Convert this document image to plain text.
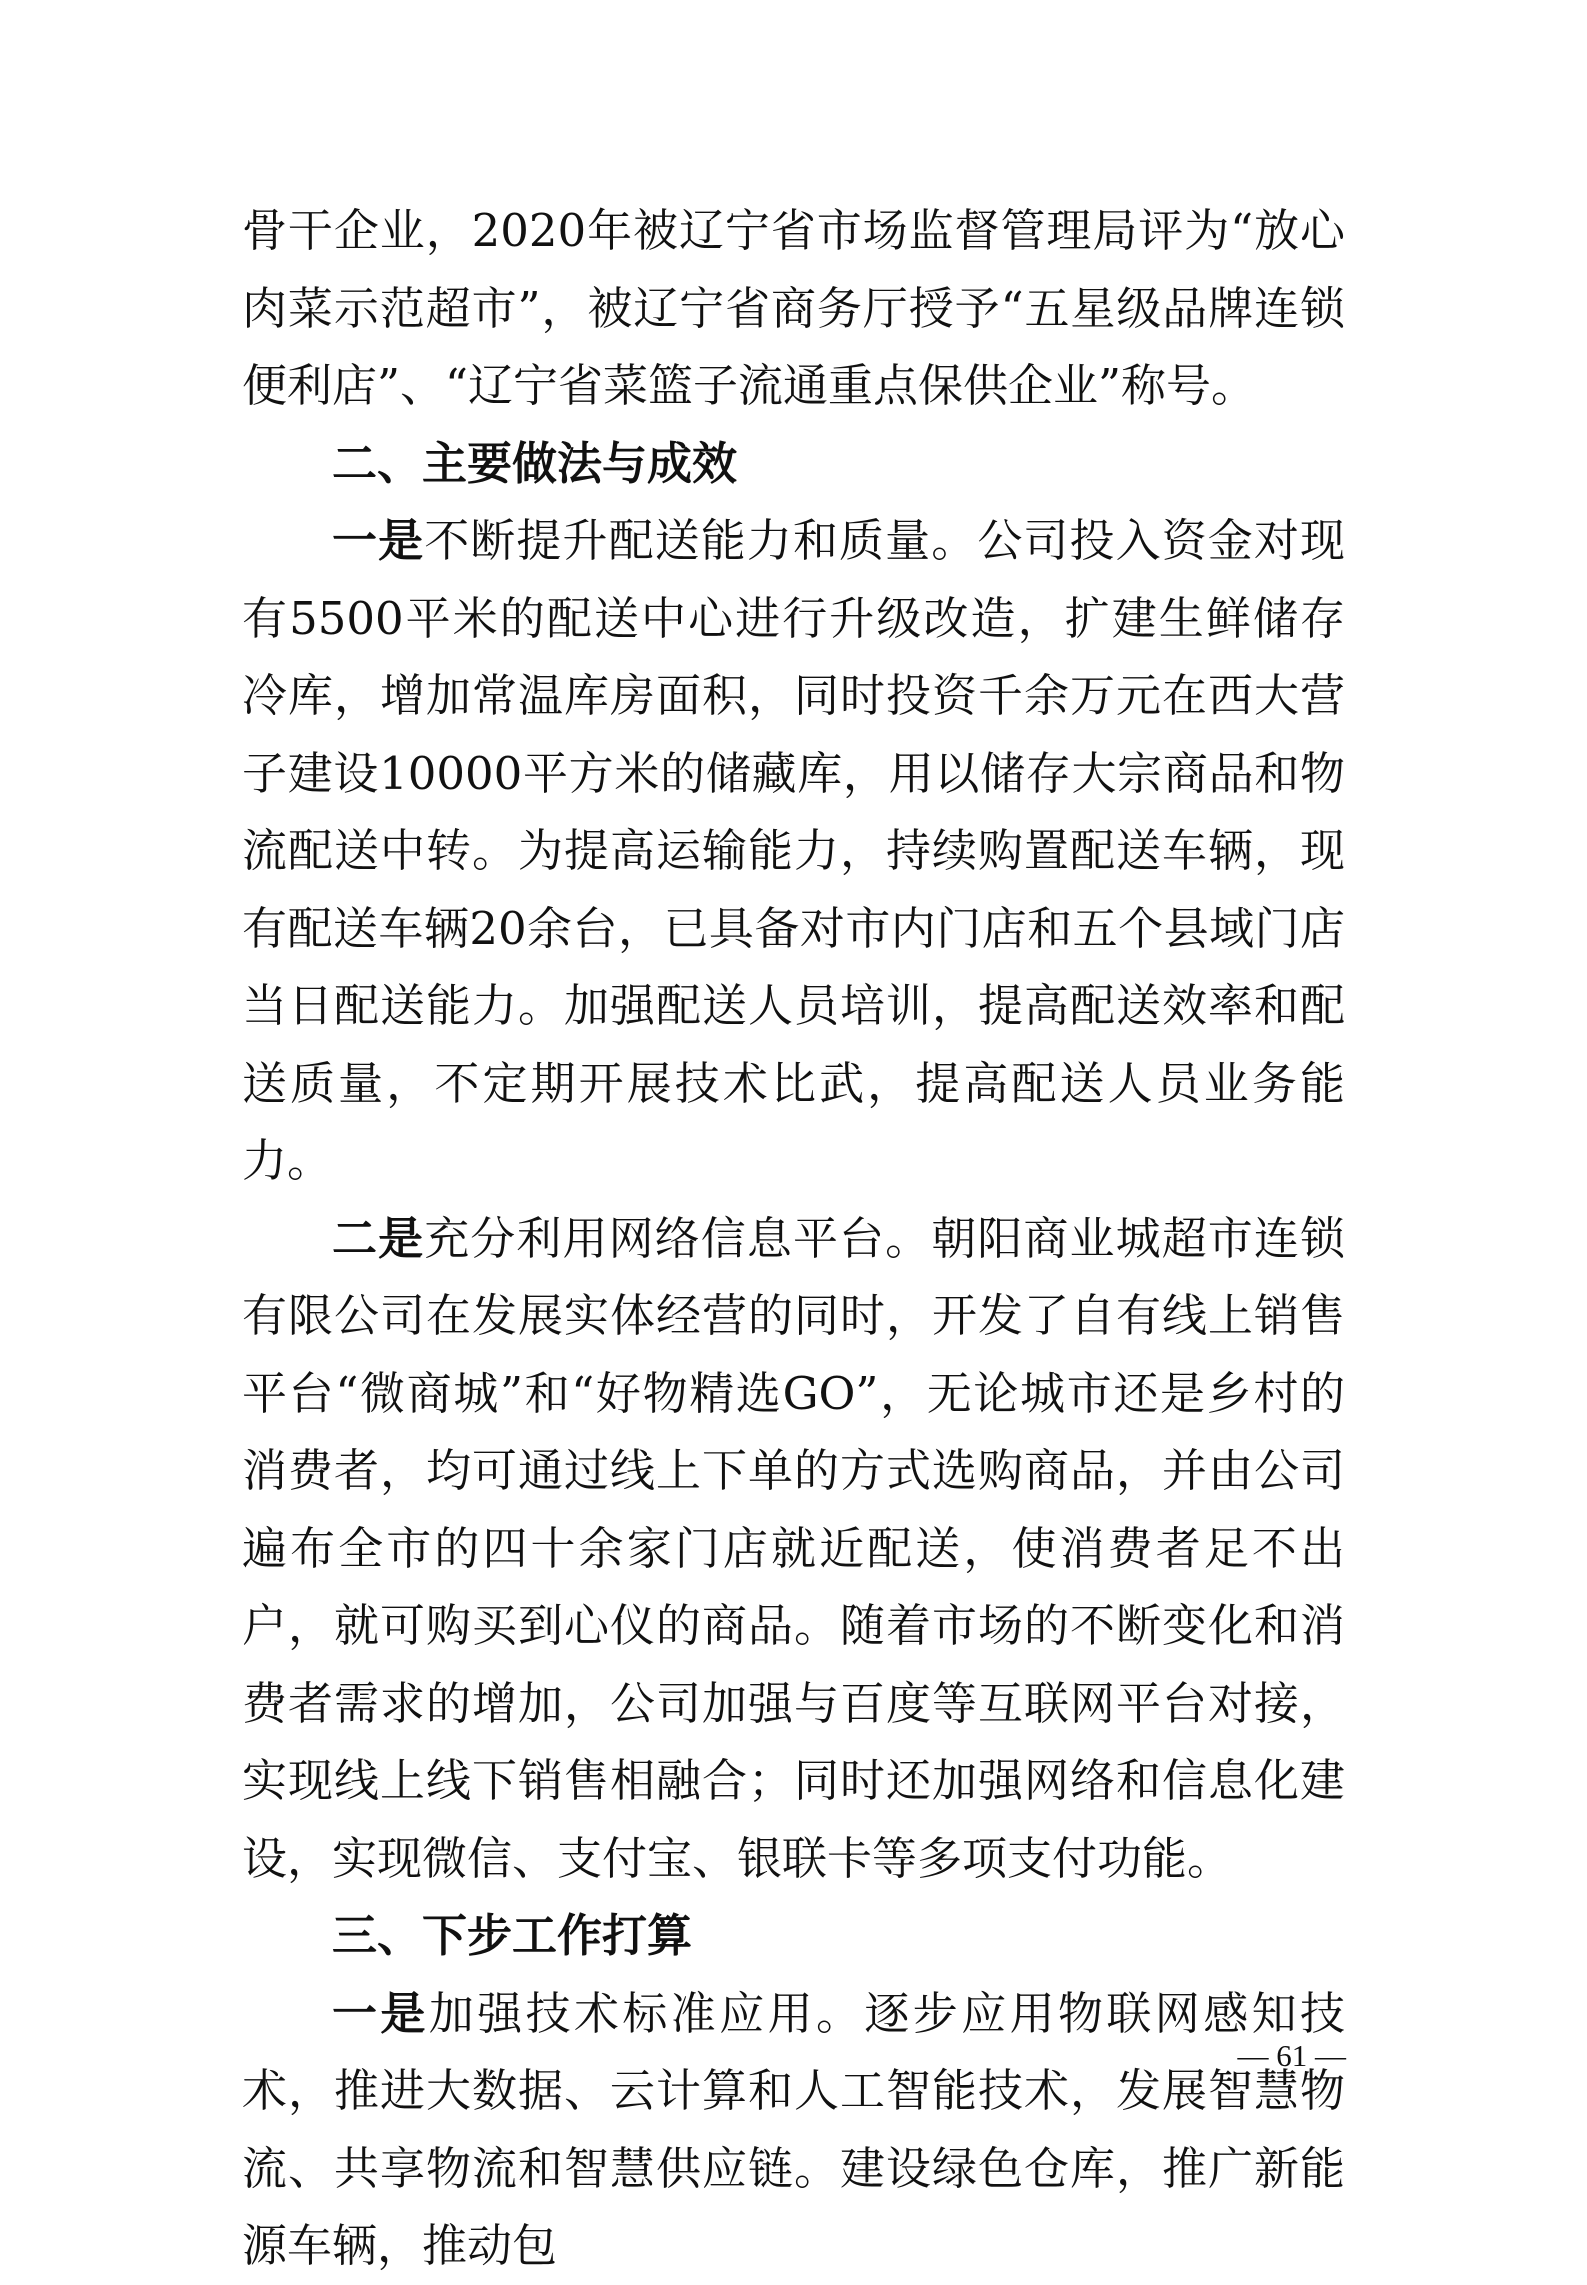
骨干企业，2020年被辽宁省市场监督管理局评为“放心肉菜示范超市”，被辽宁省商务厅授予“五星级品牌连锁便利店”、“辽宁省菜篮子流通重点保供企业”称号。

二、主要做法与成效

一是不断提升配送能力和质量。公司投入资金对现有5500平米的配送中心进行升级改造，扩建生鲜储存冷库，增加常温库房面积，同时投资千余万元在西大营子建设10000平方米的储藏库，用以储存大宗商品和物流配送中转。为提高运输能力，持续购置配送车辆，现有配送车辆20余台，已具备对市内门店和五个县域门店当日配送能力。加强配送人员培训，提高配送效率和配送质量，不定期开展技术比武，提高配送人员业务能力。

二是充分利用网络信息平台。朝阳商业城超市连锁有限公司在发展实体经营的同时，开发了自有线上销售平台“微商城”和“好物精选GO”，无论城市还是乡村的消费者，均可通过线上下单的方式选购商品，并由公司遍布全市的四十余家门店就近配送，使消费者足不出户，就可购买到心仪的商品。随着市场的不断变化和消费者需求的增加，公司加强与百度等互联网平台对接，实现线上线下销售相融合；同时还加强网络和信息化建设，实现微信、支付宝、银联卡等多项支付功能。

三、下步工作打算

一是加强技术标准应用。逐步应用物联网感知技术，推进大数据、云计算和人工智能技术，发展智慧物流、共享物流和智慧供应链。建设绿色仓库，推广新能源车辆，推动包

— 61 —
